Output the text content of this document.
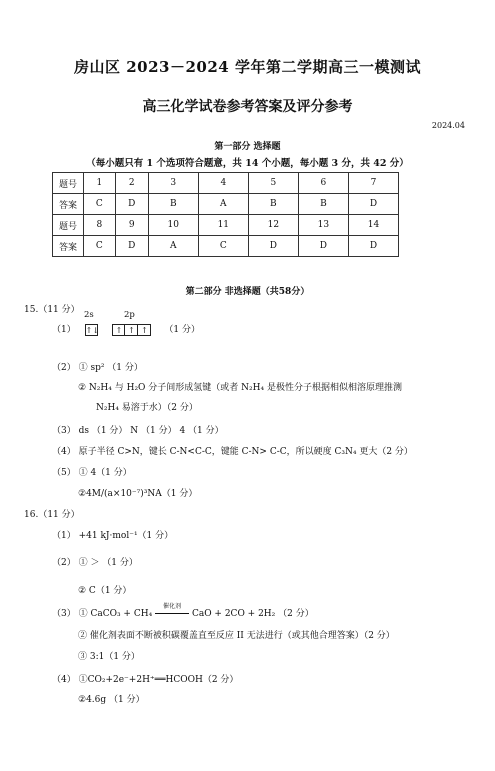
房山区 2023－2024 学年第二学期高三一模测试
高三化学试卷参考答案及评分参考
2024.04
第一部分 选择题
（每小题只有 1 个选项符合题意，共 14 个小题，每小题 3 分，共 42 分）
题号	1	2	3	4	5	6	7
答案	C	D	B	A	B	B	D
题号	8	9	10	11	12	13	14
答案	C	D	A	C	D	D	D
第二部分 非选择题（共58分）
15.（11 分） 2s	2p
（1） ↑↓ ↑ ↑ ↑ （1 分）
（2） ① sp² （1 分）
② N₂H₄ 与 H₂O 分子间形成氢键（或者 N₂H₄ 是极性分子根据相似相溶原理推测
N₂H₄ 易溶于水）（2 分）
（3） ds （1 分） N （1 分） 4 （1 分）
（4） 原子半径 C>N，键长 C-N<C-C，键能 C-N> C-C，所以硬度 C₃N₄ 更大（2 分）
（5） ① 4（1 分）
②4M/(a×10⁻⁷)³NA（1 分）
16.（11 分）
（1） +41 kJ·mol⁻¹（1 分）
（2） ① ＞ （1 分）
② C（1 分）
（3） ① CaCO₃ + CH₄
催化剂
CaO + 2CO + 2H₂ （2 分）
② 催化剂表面不断被积碳覆盖直至反应 II 无法进行（或其他合理答案）（2 分）
③ 3:1（1 分）
（4） ①CO₂+2e⁻+2H⁺══HCOOH（2 分）
②4.6g （1 分）
